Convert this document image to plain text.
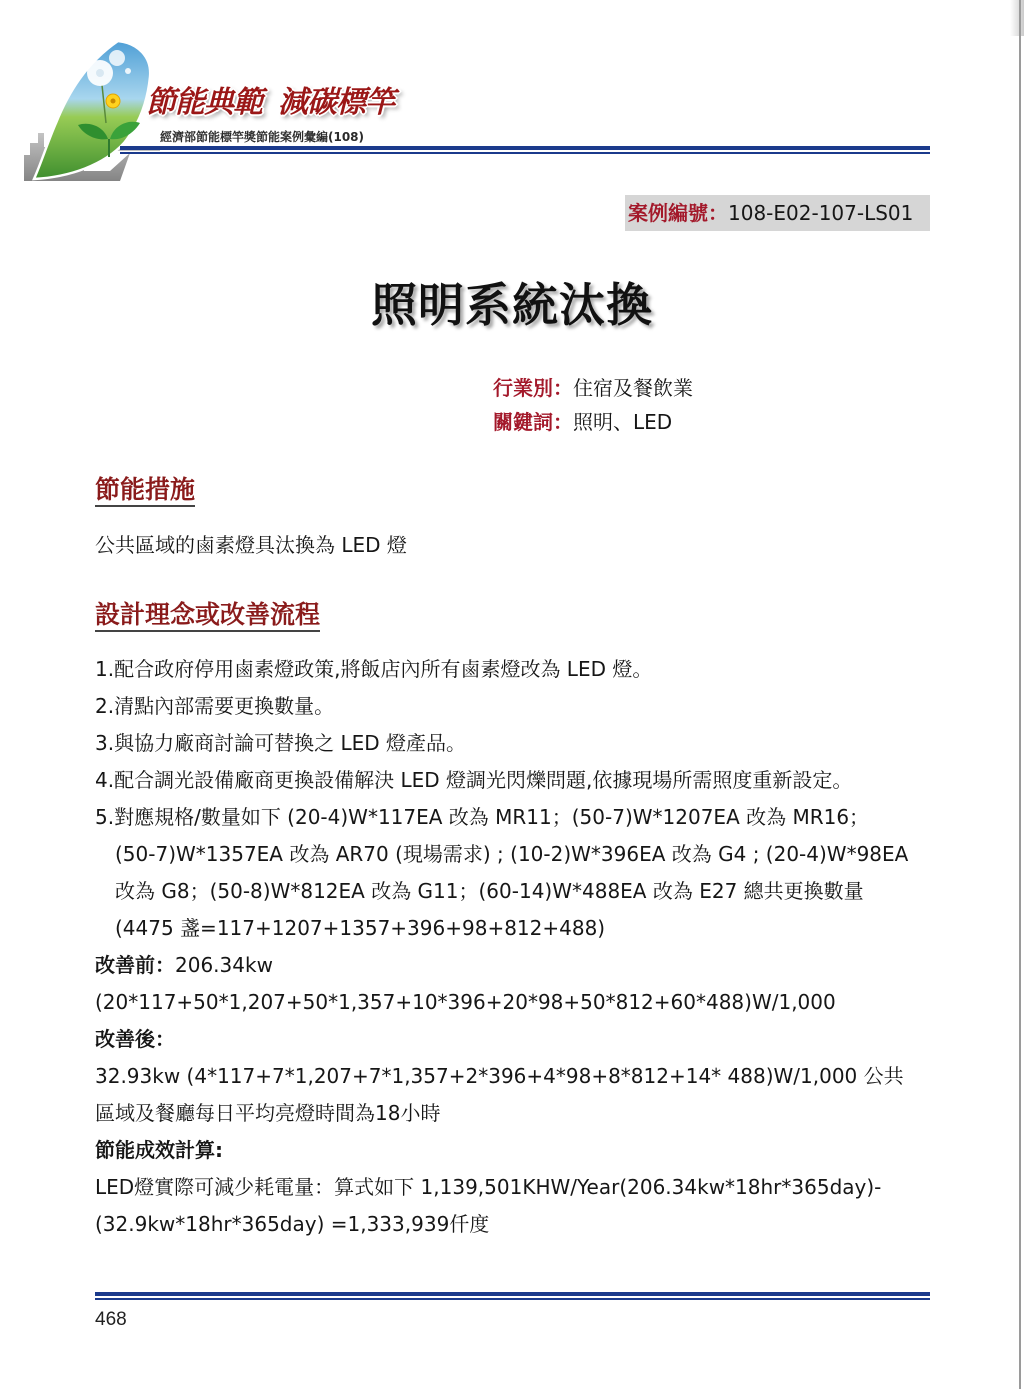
節能典範 減碳標竿
經濟部節能標竿獎節能案例彙編(108)
案例編號：108-E02-107-LS01
照明系統汰換
行業別：住宿及餐飲業
關鍵詞：照明、LED
節能措施
公共區域的鹵素燈具汰換為 LED 燈
設計理念或改善流程
1.配合政府停用鹵素燈政策,將飯店內所有鹵素燈改為 LED 燈。
2.清點內部需要更換數量。
3.與協力廠商討論可替換之 LED 燈產品。
4.配合調光設備廠商更換設備解決 LED 燈調光閃爍問題,依據現場所需照度重新設定。
5.對應規格/數量如下 (20-4)W*117EA 改為 MR11；(50-7)W*1207EA 改為 MR16；
(50-7)W*1357EA 改為 AR70 (現場需求) ; (10-2)W*396EA 改為 G4 ; (20-4)W*98EA
改為 G8；(50-8)W*812EA 改為 G11；(60-14)W*488EA 改為 E27 總共更換數量
(4475 盞=117+1207+1357+396+98+812+488)
改善前：206.34kw
(20*117+50*1,207+50*1,357+10*396+20*98+50*812+60*488)W/1,000
改善後：
32.93kw (4*117+7*1,207+7*1,357+2*396+4*98+8*812+14* 488)W/1,000 公共
區域及餐廳每日平均亮燈時間為18小時
節能成效計算:
LED燈實際可減少耗電量：算式如下 1,139,501KHW/Year(206.34kw*18hr*365day)-
(32.9kw*18hr*365day) =1,333,939仟度
468
